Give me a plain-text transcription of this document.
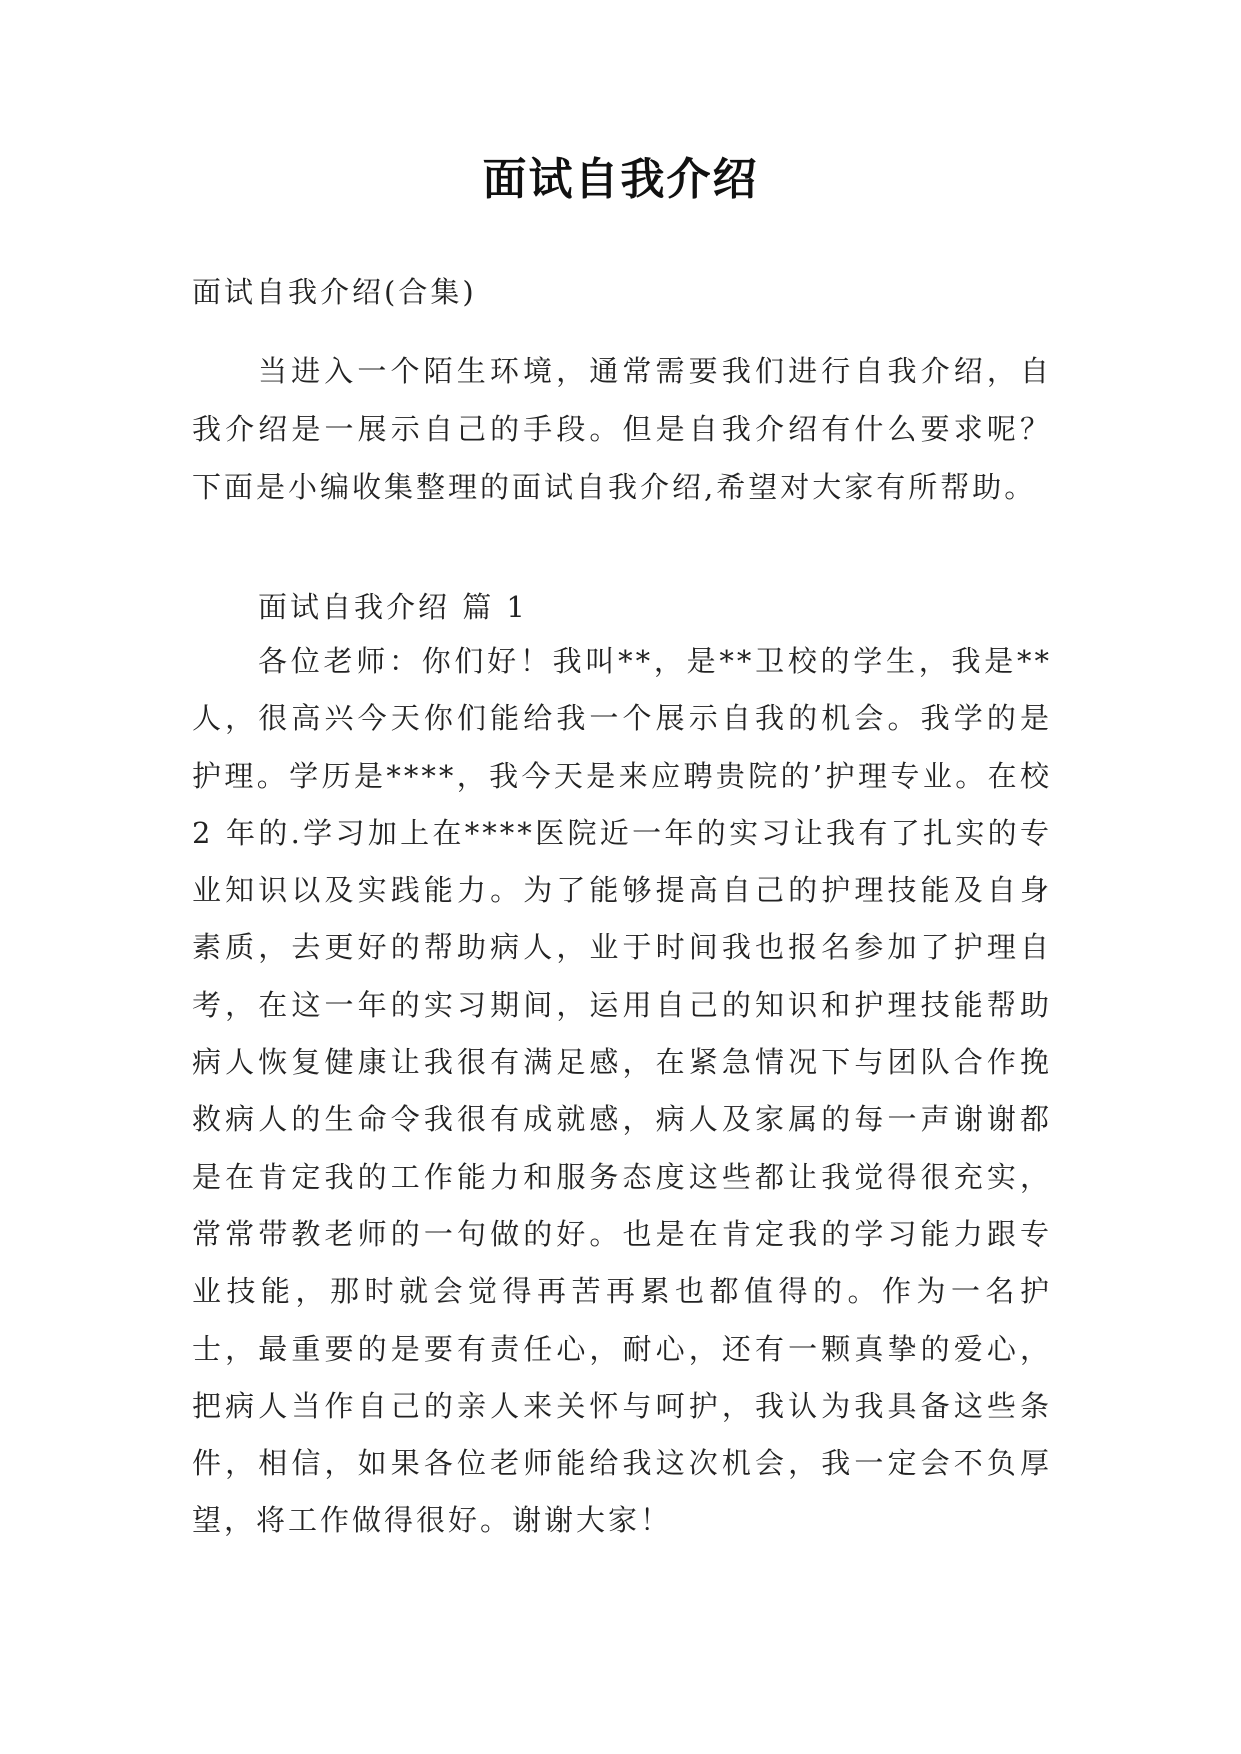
面试自我介绍
面试自我介绍(合集)

当进入一个陌生环境，通常需要我们进行自我介绍，自我介绍是一展示自己的手段。但是自我介绍有什么要求呢？下面是小编收集整理的面试自我介绍,希望对大家有所帮助。

面试自我介绍 篇 1

各位老师：你们好！我叫**，是**卫校的学生，我是**人，很高兴今天你们能给我一个展示自我的机会。我学的是护理。学历是****，我今天是来应聘贵院的’护理专业。在校 2 年的.学习加上在****医院近一年的实习让我有了扎实的专业知识以及实践能力。为了能够提高自己的护理技能及自身素质，去更好的帮助病人，业于时间我也报名参加了护理自考，在这一年的实习期间，运用自己的知识和护理技能帮助病人恢复健康让我很有满足感，在紧急情况下与团队合作挽救病人的生命令我很有成就感，病人及家属的每一声谢谢都是在肯定我的工作能力和服务态度这些都让我觉得很充实，常常带教老师的一句做的好。也是在肯定我的学习能力跟专业技能，那时就会觉得再苦再累也都值得的。作为一名护士，最重要的是要有责任心，耐心，还有一颗真挚的爱心，把病人当作自己的亲人来关怀与呵护，我认为我具备这些条件，相信，如果各位老师能给我这次机会，我一定会不负厚望，将工作做得很好。谢谢大家！
